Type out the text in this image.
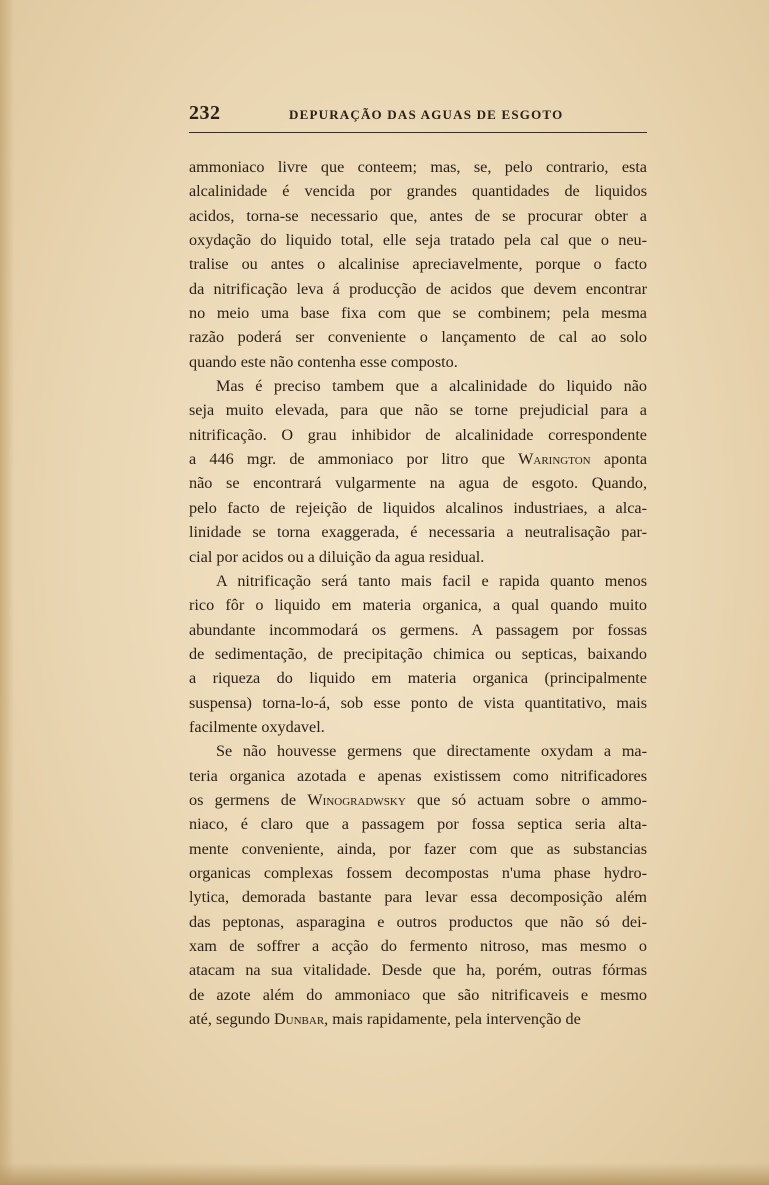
232	DEPURAÇÃO DAS AGUAS DE ESGOTO
ammoniaco livre que conteem; mas, se, pelo contrario, esta
alcalinidade é vencida por grandes quantidades de liquidos
acidos, torna-se necessario que, antes de se procurar obter a
oxydação do liquido total, elle seja tratado pela cal que o neu-
tralise ou antes o alcalinise apreciavelmente, porque o facto
da nitrificação leva á producção de acidos que devem encontrar
no meio uma base fixa com que se combinem; pela mesma
razão poderá ser conveniente o lançamento de cal ao solo
quando este não contenha esse composto.
Mas é preciso tambem que a alcalinidade do liquido não
seja muito elevada, para que não se torne prejudicial para a
nitrificação. O grau inhibidor de alcalinidade correspondente
a 446 mgr. de ammoniaco por litro que Warington aponta
não se encontrará vulgarmente na agua de esgoto. Quando,
pelo facto de rejeição de liquidos alcalinos industriaes, a alca-
linidade se torna exaggerada, é necessaria a neutralisação par-
cial por acidos ou a diluição da agua residual.
A nitrificação será tanto mais facil e rapida quanto menos
rico fôr o liquido em materia organica, a qual quando muito
abundante incommodará os germens. A passagem por fossas
de sedimentação, de precipitação chimica ou septicas, baixando
a riqueza do liquido em materia organica (principalmente
suspensa) torna-lo-á, sob esse ponto de vista quantitativo, mais
facilmente oxydavel.
Se não houvesse germens que directamente oxydam a ma-
teria organica azotada e apenas existissem como nitrificadores
os germens de Winogradwsky que só actuam sobre o ammo-
niaco, é claro que a passagem por fossa septica seria alta-
mente conveniente, ainda, por fazer com que as substancias
organicas complexas fossem decompostas n'uma phase hydro-
lytica, demorada bastante para levar essa decomposição além
das peptonas, asparagina e outros productos que não só dei-
xam de soffrer a acção do fermento nitroso, mas mesmo o
atacam na sua vitalidade. Desde que ha, porém, outras fórmas
de azote além do ammoniaco que são nitrificaveis e mesmo
até, segundo Dunbar, mais rapidamente, pela intervenção de
